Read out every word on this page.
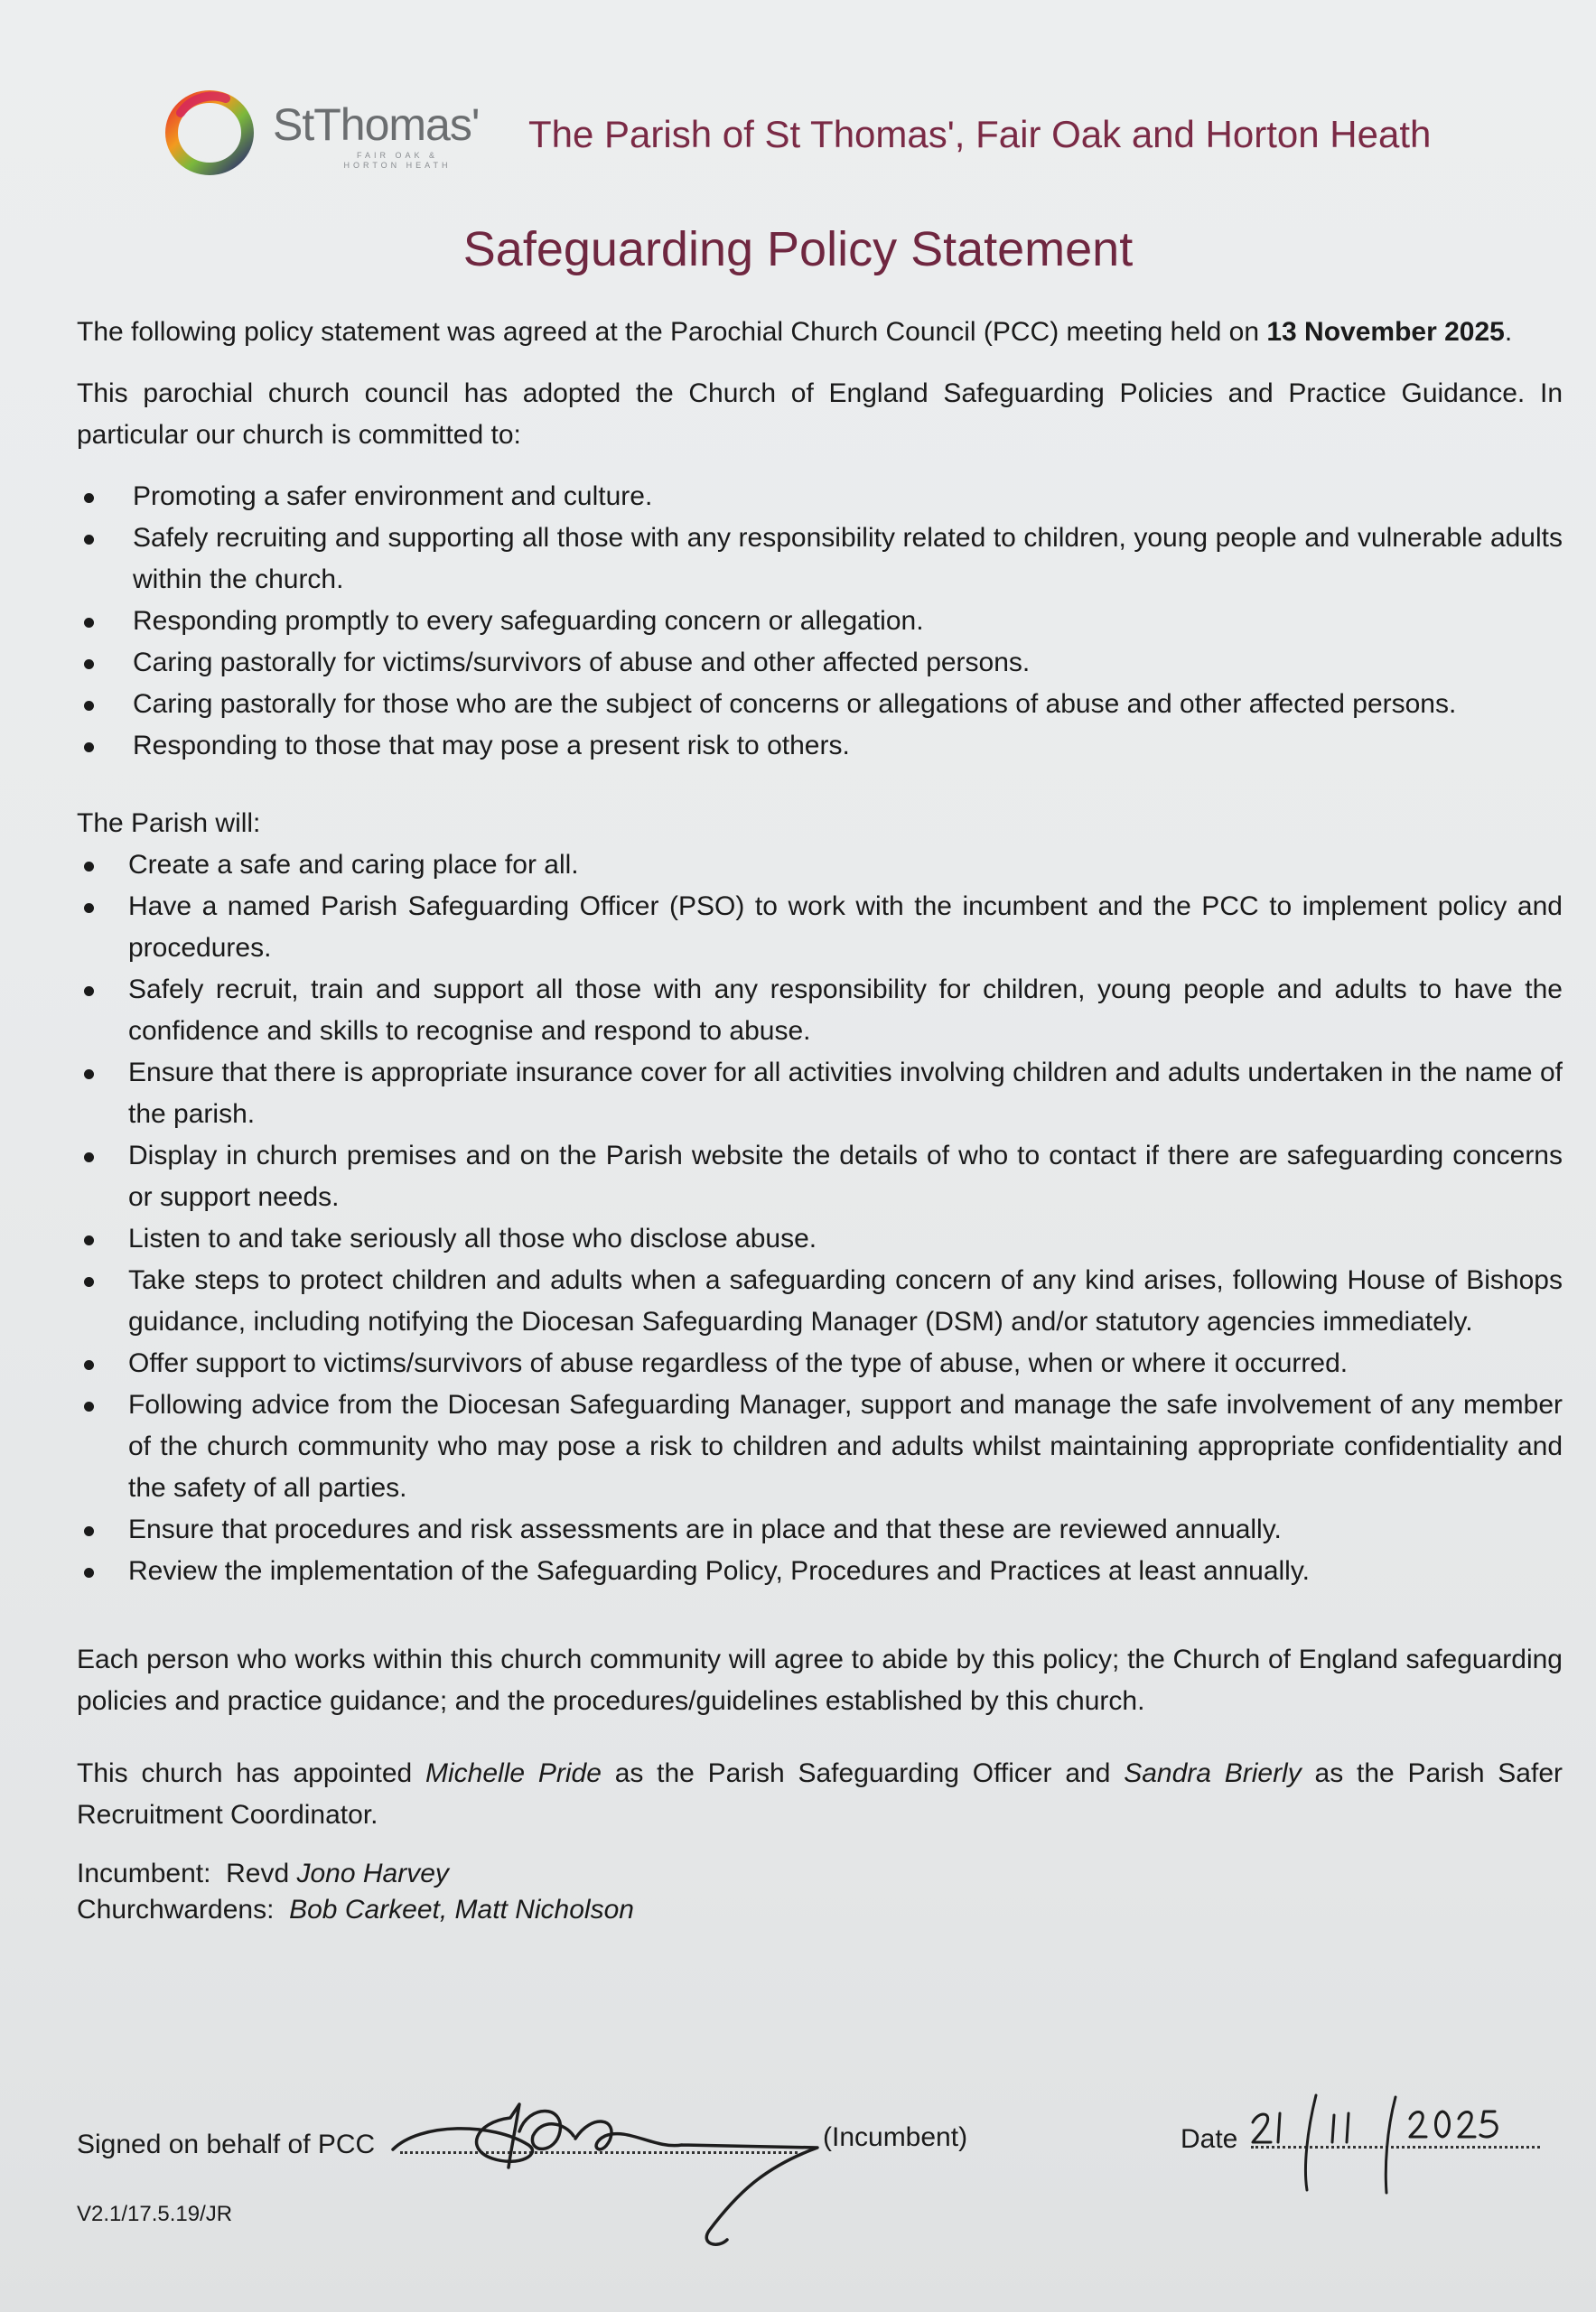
StThomas'
FAIR OAK &
HORTON HEATH
The Parish of St Thomas', Fair Oak and Horton Heath
Safeguarding Policy Statement

The following policy statement was agreed at the Parochial Church Council (PCC) meeting held on 13 November 2025.

This parochial church council has adopted the Church of England Safeguarding Policies and Practice Guidance. In particular our church is committed to:

Promoting a safer environment and culture.
Safely recruiting and supporting all those with any responsibility related to children, young people and vulnerable adults within the church.
Responding promptly to every safeguarding concern or allegation.
Caring pastorally for victims/survivors of abuse and other affected persons.
Caring pastorally for those who are the subject of concerns or allegations of abuse and other affected persons.
Responding to those that may pose a present risk to others.

The Parish will:

Create a safe and caring place for all.
Have a named Parish Safeguarding Officer (PSO) to work with the incumbent and the PCC to implement policy and procedures.
Safely recruit, train and support all those with any responsibility for children, young people and adults to have the confidence and skills to recognise and respond to abuse.
Ensure that there is appropriate insurance cover for all activities involving children and adults undertaken in the name of the parish.
Display in church premises and on the Parish website the details of who to contact if there are safeguarding concerns or support needs.
Listen to and take seriously all those who disclose abuse.
Take steps to protect children and adults when a safeguarding concern of any kind arises, following House of Bishops guidance, including notifying the Diocesan Safeguarding Manager (DSM) and/or statutory agencies immediately.
Offer support to victims/survivors of abuse regardless of the type of abuse, when or where it occurred.
Following advice from the Diocesan Safeguarding Manager, support and manage the safe involvement of any member of the church community who may pose a risk to children and adults whilst maintaining appropriate confidentiality and the safety of all parties.
Ensure that procedures and risk assessments are in place and that these are reviewed annually.
Review the implementation of the Safeguarding Policy, Procedures and Practices at least annually.

Each person who works within this church community will agree to abide by this policy; the Church of England safeguarding policies and practice guidance; and the procedures/guidelines established by this church.

This church has appointed Michelle Pride as the Parish Safeguarding Officer and Sandra Brierly as the Parish Safer Recruitment Coordinator.

Incumbent: Revd Jono Harvey
Churchwardens: Bob Carkeet, Matt Nicholson
Signed on behalf of PCC	(Incumbent)	Date
V2.1/17.5.19/JR
